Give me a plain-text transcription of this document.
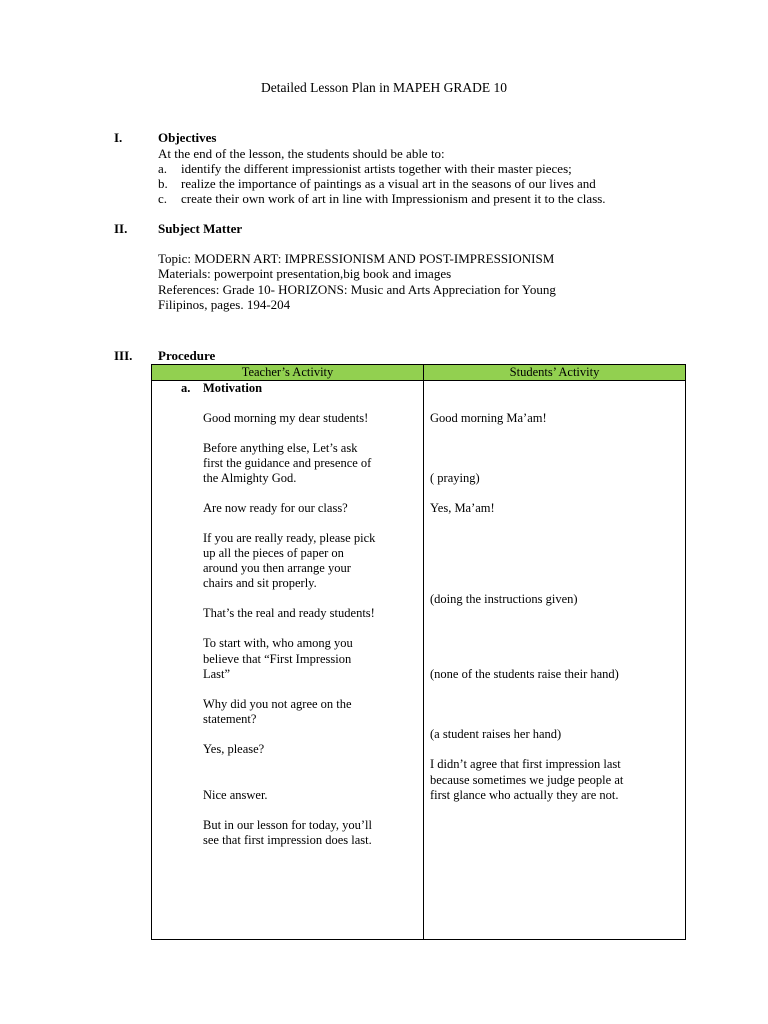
Detailed Lesson Plan in MAPEH GRADE 10
I.	Objectives
At the end of the lesson, the students should be able to:
a. identify the different impressionist artists together with their master pieces;
b. realize the importance of paintings as a visual art in the seasons of our lives and
c. create their own work of art in line with Impressionism and present it to the class.
II. Subject Matter
Topic: MODERN ART: IMPRESSIONISM AND POST-IMPRESSIONISM
Materials: powerpoint presentation,big book and images
References: Grade 10- HORIZONS: Music and Arts Appreciation for Young
Filipinos, pages. 194-204
III. Procedure
Teacher’s Activity	Students’ Activity
a. Motivation
Good morning my dear students!
Before anything else, Let’s ask
first the guidance and presence of
the Almighty God.
Are now ready for our class?
If you are really ready, please pick
up all the pieces of paper on
around you then arrange your
chairs and sit properly.
That’s the real and ready students!
To start with, who among you
believe that “First Impression
Last”
Why did you not agree on the
statement?
Yes, please?
Nice answer.
But in our lesson for today, you’ll
see that first impression does last.
Good morning Ma’am!
( praying)
Yes, Ma’am!
(doing the instructions given)
(none of the students raise their hand)
(a student raises her hand)
I didn’t agree that first impression last
because sometimes we judge people at
first glance who actually they are not.
